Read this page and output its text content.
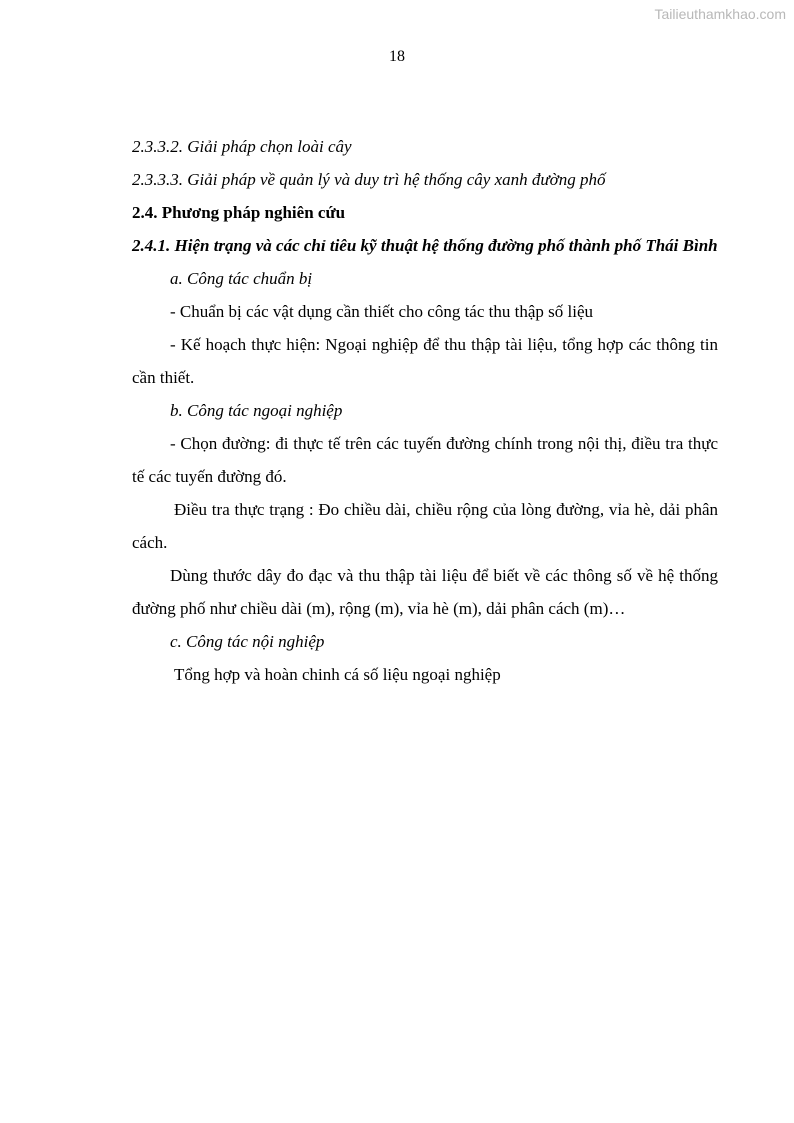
Tailieuthamkhao.com
18

2.3.3.2. Giải pháp chọn loài cây

2.3.3.3. Giải pháp về quản lý và duy trì hệ thống cây xanh đường phố

2.4. Phương pháp nghiên cứu

2.4.1. Hiện trạng và các chỉ tiêu kỹ thuật hệ thống đường phố thành phố Thái Bình

a. Công tác chuẩn bị

- Chuẩn bị các vật dụng cần thiết cho công tác thu thập số liệu

- Kế hoạch thực hiện: Ngoại nghiệp để thu thập tài liệu, tổng hợp các thông tin cần thiết.

b. Công tác ngoại nghiệp

- Chọn đường: đi thực tế trên các tuyến đường chính trong nội thị, điều tra thực tế các tuyến đường đó.

Điều tra thực trạng : Đo chiều dài, chiều rộng của lòng đường, vỉa hè, dải phân cách.

Dùng thước dây đo đạc và thu thập tài liệu để biết về các thông số về hệ thống đường phố như chiều dài (m), rộng (m), vỉa hè (m), dải phân cách (m)…

c. Công tác nội nghiệp

Tổng hợp và hoàn chinh cá số liệu ngoại nghiệp
